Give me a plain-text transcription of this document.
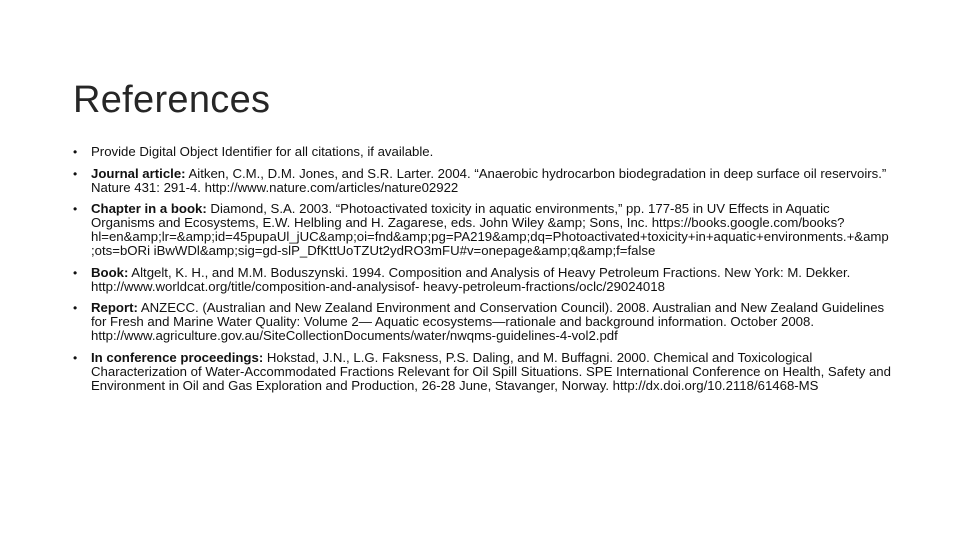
References
•	Provide Digital Object Identifier for all citations, if available.
•	Journal article: Aitken, C.M., D.M. Jones, and S.R. Larter. 2004. “Anaerobic hydrocarbon biodegradation in deep surface oil reservoirs.” Nature 431: 291-4. http://www.nature.com/articles/nature02922
•	Chapter in a book: Diamond, S.A. 2003. “Photoactivated toxicity in aquatic environments,” pp. 177-85 in UV Effects in Aquatic Organisms and Ecosystems, E.W. Helbling and H. Zagarese, eds. John Wiley &amp; Sons, Inc. https://books.google.com/books?hl=en&amp;lr=&amp;id=45pupaUl_jUC&amp;oi=fnd&amp;pg=PA219&amp;dq=Photoactivated+toxicity+in+aquatic+environments.+&amp;ots=bORi iBwWDl&amp;sig=gd-slP_DfKttUoTZUt2ydRO3mFU#v=onepage&amp;q&amp;f=false
•	Book: Altgelt, K. H., and M.M. Boduszynski. 1994. Composition and Analysis of Heavy Petroleum Fractions. New York: M. Dekker. http://www.worldcat.org/title/composition-and-analysisof- heavy-petroleum-fractions/oclc/29024018
•	Report: ANZECC. (Australian and New Zealand Environment and Conservation Council). 2008. Australian and New Zealand Guidelines for Fresh and Marine Water Quality: Volume 2— Aquatic ecosystems—rationale and background information. October 2008. http://www.agriculture.gov.au/SiteCollectionDocuments/water/nwqms-guidelines-4-vol2.pdf
•	In conference proceedings: Hokstad, J.N., L.G. Faksness, P.S. Daling, and M. Buffagni. 2000. Chemical and Toxicological Characterization of Water-Accommodated Fractions Relevant for Oil Spill Situations. SPE International Conference on Health, Safety and Environment in Oil and Gas Exploration and Production, 26-28 June, Stavanger, Norway. http://dx.doi.org/10.2118/61468-MS
